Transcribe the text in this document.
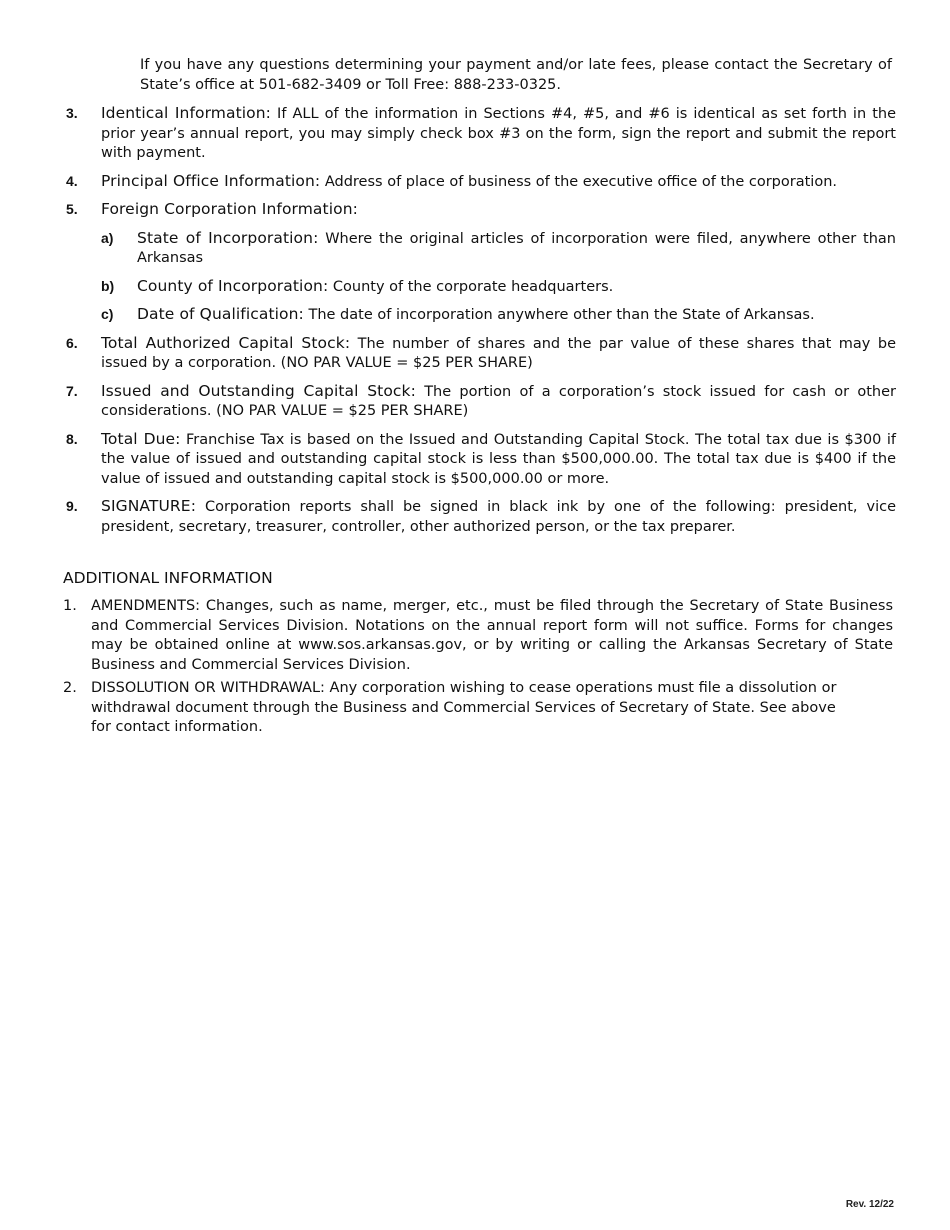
If you have any questions determining your payment and/or late fees, please contact the Secretary of State’s office at 501-682-3409 or Toll Free: 888-233-0325.
3. Identical Information: If ALL of the information in Sections #4, #5, and #6 is identical as set forth in the prior year’s annual report, you may simply check box #3 on the form, sign the report and submit the report with payment.
4. Principal Office Information: Address of place of business of the executive office of the corporation.
5. Foreign Corporation Information:
a) State of Incorporation: Where the original articles of incorporation were filed, anywhere other than Arkansas
b) County of Incorporation: County of the corporate headquarters.
c) Date of Qualification: The date of incorporation anywhere other than the State of Arkansas.
6. Total Authorized Capital Stock: The number of shares and the par value of these shares that may be issued by a corporation. (NO PAR VALUE = $25 PER SHARE)
7. Issued and Outstanding Capital Stock: The portion of a corporation’s stock issued for cash or other considerations. (NO PAR VALUE = $25 PER SHARE)
8. Total Due: Franchise Tax is based on the Issued and Outstanding Capital Stock. The total tax due is $300 if the value of issued and outstanding capital stock is less than $500,000.00. The total tax due is $400 if the value of issued and outstanding capital stock is $500,000.00 or more.
9. SIGNATURE: Corporation reports shall be signed in black ink by one of the following: president, vice president, secretary, treasurer, controller, other authorized person, or the tax preparer.
ADDITIONAL INFORMATION
1. AMENDMENTS: Changes, such as name, merger, etc., must be filed through the Secretary of State Business and Commercial Services Division. Notations on the annual report form will not suffice. Forms for changes may be obtained online at www.sos.arkansas.gov, or by writing or calling the Arkansas Secretary of State Business and Commercial Services Division.
2. DISSOLUTION OR WITHDRAWAL: Any corporation wishing to cease operations must file a dissolution or withdrawal document through the Business and Commercial Services of Secretary of State. See above for contact information.
Rev. 12/22
